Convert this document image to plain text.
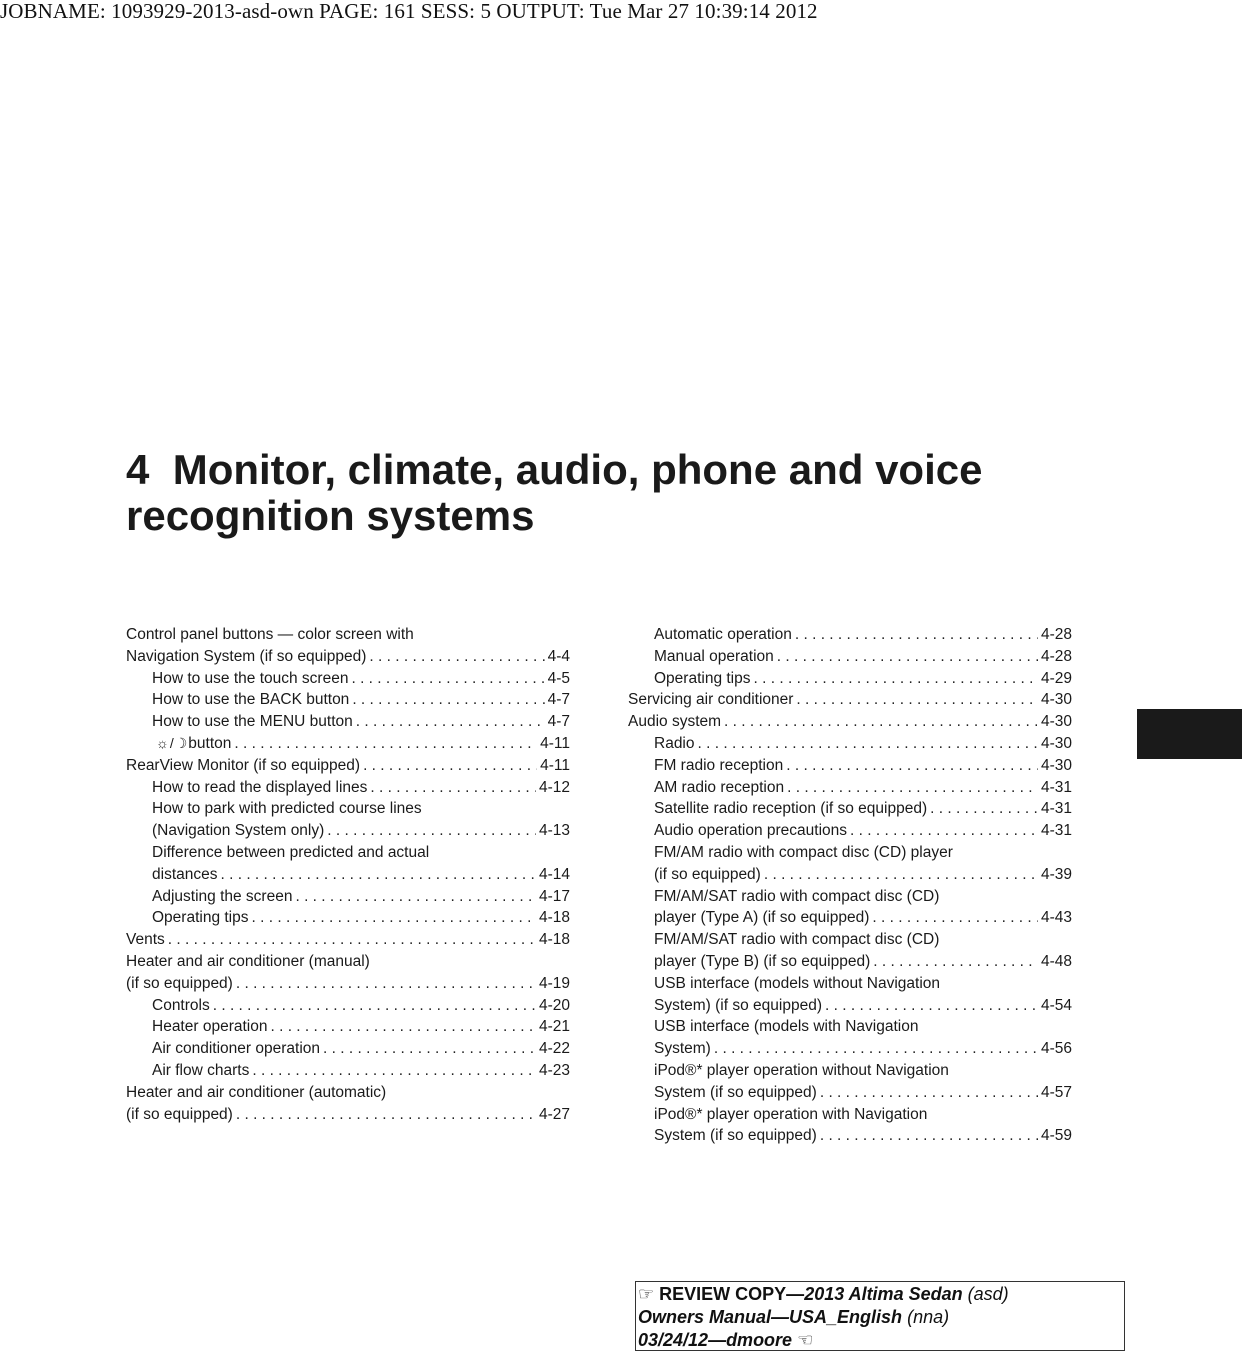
JOBNAME: 1093929-2013-asd-own PAGE: 161 SESS: 5 OUTPUT: Tue Mar 27 10:39:14 2012
4 Monitor, climate, audio, phone and voice
recognition systems
Control panel buttons — color screen with
Navigation System (if so equipped) . . .	4-4
How to use the touch screen . . .	4-5
How to use the BACK button . . .	4-7
How to use the MENU button . . .	4-7
☼/☽ button . . .	4-11
RearView Monitor (if so equipped) . . .	4-11
How to read the displayed lines . . .	4-12
How to park with predicted course lines
(Navigation System only) . . .	4-13
Difference between predicted and actual
distances . . .	4-14
Adjusting the screen . . .	4-17
Operating tips . . .	4-18
Vents . . .	4-18
Heater and air conditioner (manual)
(if so equipped) . . .	4-19
Controls . . .	4-20
Heater operation . . .	4-21
Air conditioner operation . . .	4-22
Air flow charts . . .	4-23
Heater and air conditioner (automatic)
(if so equipped) . . .	4-27
Automatic operation . . .	4-28
Manual operation . . .	4-28
Operating tips . . .	4-29
Servicing air conditioner . . .	4-30
Audio system . . .	4-30
Radio . . .	4-30
FM radio reception . . .	4-30
AM radio reception . . .	4-31
Satellite radio reception (if so equipped) . . .	4-31
Audio operation precautions . . .	4-31
FM/AM radio with compact disc (CD) player
(if so equipped) . . .	4-39
FM/AM/SAT radio with compact disc (CD)
player (Type A) (if so equipped) . . .	4-43
FM/AM/SAT radio with compact disc (CD)
player (Type B) (if so equipped) . . .	4-48
USB interface (models without Navigation
System) (if so equipped) . . .	4-54
USB interface (models with Navigation
System) . . .	4-56
iPod®* player operation without Navigation
System (if so equipped) . . .	4-57
iPod®* player operation with Navigation
System (if so equipped) . . .	4-59
☞ REVIEW COPY—2013 Altima Sedan (asd)
Owners Manual—USA_English (nna)
03/24/12—dmoore ☜
